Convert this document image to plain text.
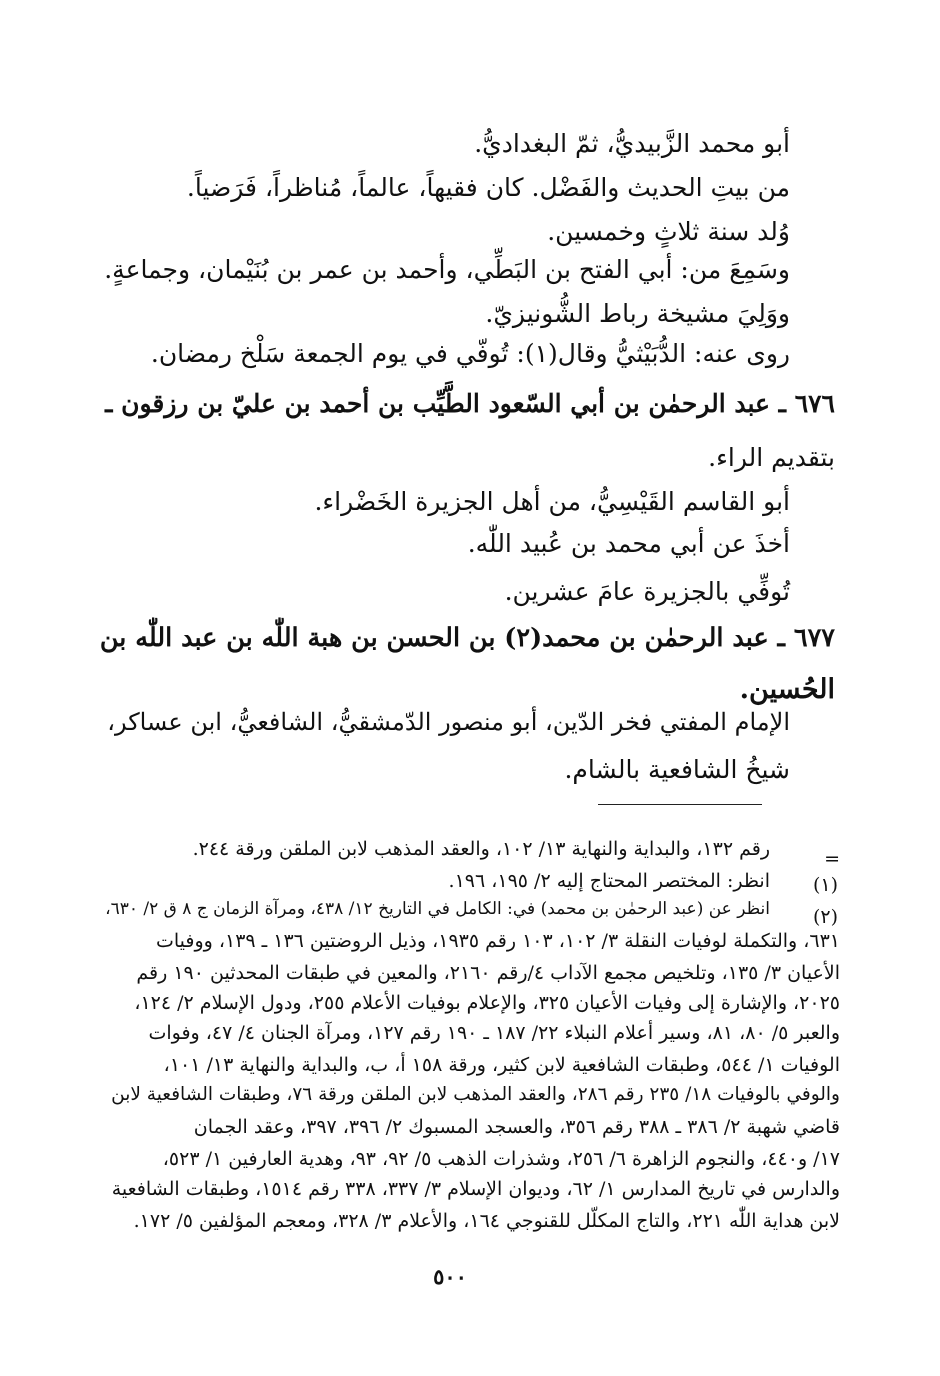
أبو محمد الزَّبيديُّ، ثمّ البغداديُّ.
من بيتِ الحديث والفَضْل. كان فقيهاً، عالماً، مُناظراً، فَرَضياً.
وُلد سنة ثلاثٍ وخمسين.
وسَمِعَ من: أبي الفتح بن البَطِّي، وأحمد بن عمر بن بُنَيْمان، وجماعةٍ.
ووَلِيَ مشيخة رباط الشُّونيزيّ.
روى عنه: الدُّبَيْثيُّ وقال(١): تُوفّي في يوم الجمعة سَلْخ رمضان.
٦٧٦ ـ عبد الرحمٰن بن أبي السّعود الطَّيِّب بن أحمد بن عليّ بن رزقون ـ
بتقديم الراء.
أبو القاسم القَيْسِيُّ، من أهل الجزيرة الخَضْراء.
أخذَ عن أبي محمد بن عُبيد اللّٰه.
تُوفِّي بالجزيرة عامَ عشرين.
٦٧٧ ـ عبد الرحمٰن بن محمد(٢) بن الحسن بن هبة اللّٰه بن عبد اللّٰه بن
الحُسين.
الإمام المفتي فخر الدّين، أبو منصور الدّمشقيُّ، الشافعيُّ، ابن عساكر،
شيخُ الشافعية بالشام.
=
رقم ١٣٢، والبداية والنهاية ١٣/ ١٠٢، والعقد المذهب لابن الملقن ورقة ٢٤٤.
(١)
انظر: المختصر المحتاج إليه ٢/ ١٩٥، ١٩٦.
(٢)
انظر عن (عبد الرحمٰن بن محمد) في: الكامل في التاريخ ١٢/ ٤٣٨، ومرآة الزمان ج ٨ ق ٢/ ٦٣٠،
٦٣١، والتكملة لوفيات النقلة ٣/ ١٠٢، ١٠٣ رقم ١٩٣٥، وذيل الروضتين ١٣٦ ـ ١٣٩، ووفيات
الأعيان ٣/ ١٣٥، وتلخيص مجمع الآداب ٤/رقم ٢١٦٠، والمعين في طبقات المحدثين ١٩٠ رقم
٢٠٢٥، والإشارة إلى وفيات الأعيان ٣٢٥، والإعلام بوفيات الأعلام ٢٥٥، ودول الإسلام ٢/ ١٢٤،
والعبر ٥/ ٨٠، ٨١، وسير أعلام النبلاء ٢٢/ ١٨٧ ـ ١٩٠ رقم ١٢٧، ومرآة الجنان ٤/ ٤٧، وفوات
الوفيات ١/ ٥٤٤، وطبقات الشافعية لابن كثير، ورقة ١٥٨ أ، ب، والبداية والنهاية ١٣/ ١٠١،
والوفي بالوفيات ١٨/ ٢٣٥ رقم ٢٨٦، والعقد المذهب لابن الملقن ورقة ٧٦، وطبقات الشافعية لابن
قاضي شهبة ٢/ ٣٨٦ ـ ٣٨٨ رقم ٣٥٦، والعسجد المسبوك ٢/ ٣٩٦، ٣٩٧، وعقد الجمان
١٧/ و٤٤٠، والنجوم الزاهرة ٦/ ٢٥٦، وشذرات الذهب ٥/ ٩٢، ٩٣، وهدية العارفين ١/ ٥٢٣،
والدارس في تاريخ المدارس ١/ ٦٢، وديوان الإسلام ٣/ ٣٣٧، ٣٣٨ رقم ١٥١٤، وطبقات الشافعية
لابن هداية اللّٰه ٢٢١، والتاج المكلّل للقنوجي ١٦٤، والأعلام ٣/ ٣٢٨، ومعجم المؤلفين ٥/ ١٧٢.
٥٠٠
